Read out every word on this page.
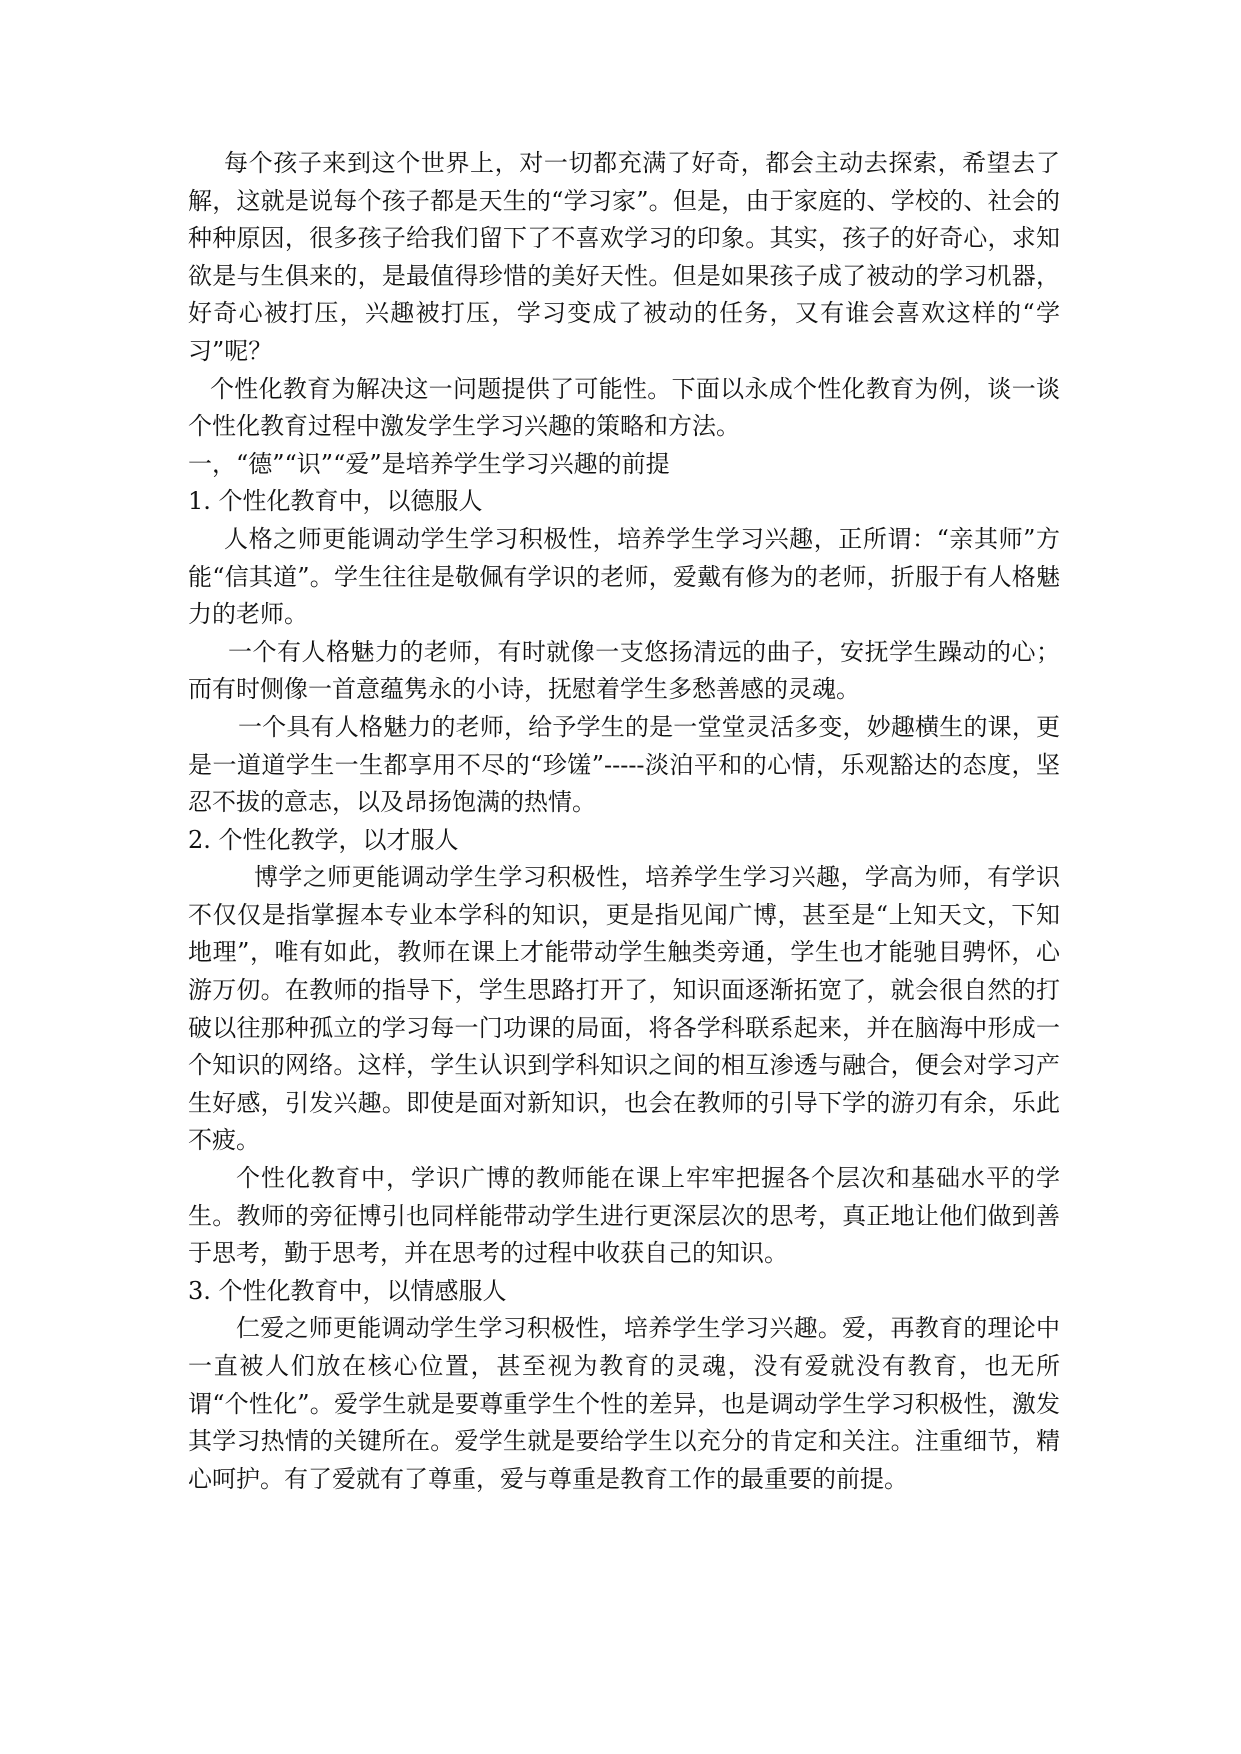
每个孩子来到这个世界上，对一切都充满了好奇，都会主动去探索，希望去了解，这就是说每个孩子都是天生的“学习家”。但是，由于家庭的、学校的、社会的种种原因，很多孩子给我们留下了不喜欢学习的印象。其实，孩子的好奇心，求知欲是与生俱来的，是最值得珍惜的美好天性。但是如果孩子成了被动的学习机器，好奇心被打压，兴趣被打压，学习变成了被动的任务，又有谁会喜欢这样的“学习”呢？

个性化教育为解决这一问题提供了可能性。下面以永成个性化教育为例，谈一谈个性化教育过程中激发学生学习兴趣的策略和方法。

一，“德”“识”“爱”是培养学生学习兴趣的前提

1. 个性化教育中，以德服人

人格之师更能调动学生学习积极性，培养学生学习兴趣，正所谓：“亲其师”方能“信其道”。学生往往是敬佩有学识的老师，爱戴有修为的老师，折服于有人格魅力的老师。

一个有人格魅力的老师，有时就像一支悠扬清远的曲子，安抚学生躁动的心；而有时侧像一首意蕴隽永的小诗，抚慰着学生多愁善感的灵魂。

一个具有人格魅力的老师，给予学生的是一堂堂灵活多变，妙趣横生的课，更是一道道学生一生都享用不尽的“珍馐”-----淡泊平和的心情，乐观豁达的态度，坚忍不拔的意志，以及昂扬饱满的热情。

2. 个性化教学，以才服人

博学之师更能调动学生学习积极性，培养学生学习兴趣，学高为师，有学识不仅仅是指掌握本专业本学科的知识，更是指见闻广博，甚至是“上知天文，下知地理”，唯有如此，教师在课上才能带动学生触类旁通，学生也才能驰目骋怀，心游万仞。在教师的指导下，学生思路打开了，知识面逐渐拓宽了，就会很自然的打破以往那种孤立的学习每一门功课的局面，将各学科联系起来，并在脑海中形成一个知识的网络。这样，学生认识到学科知识之间的相互渗透与融合，便会对学习产生好感，引发兴趣。即使是面对新知识，也会在教师的引导下学的游刃有余，乐此不疲。

个性化教育中，学识广博的教师能在课上牢牢把握各个层次和基础水平的学生。教师的旁征博引也同样能带动学生进行更深层次的思考，真正地让他们做到善于思考，勤于思考，并在思考的过程中收获自己的知识。

3. 个性化教育中，以情感服人

仁爱之师更能调动学生学习积极性，培养学生学习兴趣。爱，再教育的理论中一直被人们放在核心位置，甚至视为教育的灵魂，没有爱就没有教育，也无所谓“个性化”。爱学生就是要尊重学生个性的差异，也是调动学生学习积极性，激发其学习热情的关键所在。爱学生就是要给学生以充分的肯定和关注。注重细节，精心呵护。有了爱就有了尊重，爱与尊重是教育工作的最重要的前提。
